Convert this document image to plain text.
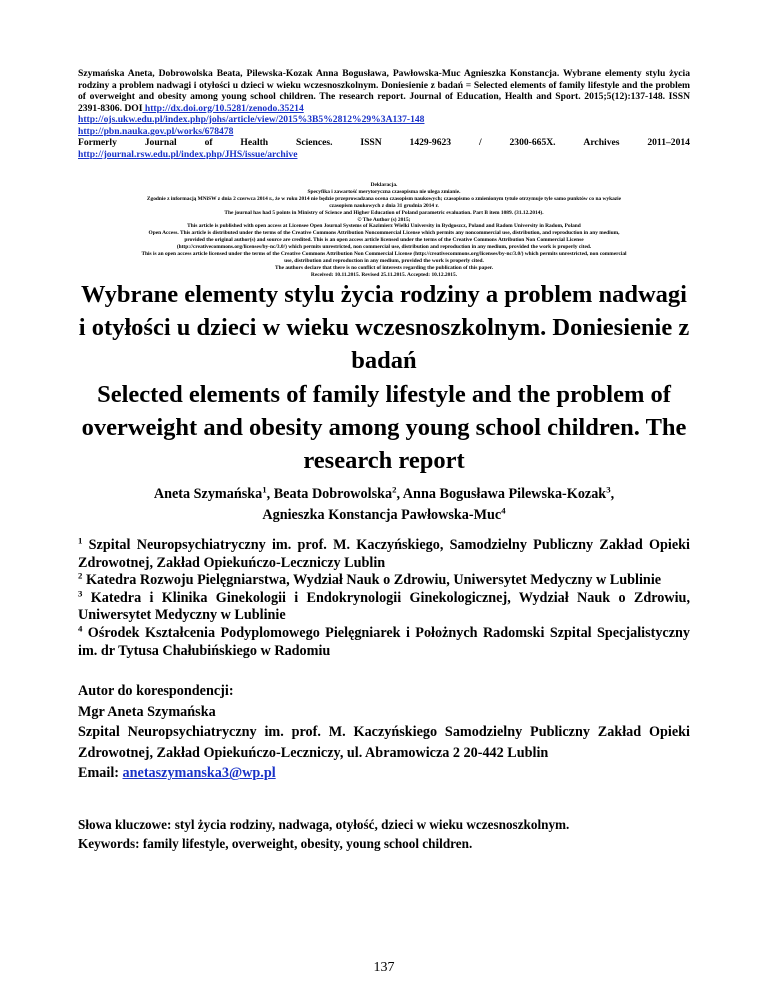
Szymańska Aneta, Dobrowolska Beata, Pilewska-Kozak Anna Bogusława, Pawłowska-Muc Agnieszka Konstancja. Wybrane elementy stylu życia rodziny a problem nadwagi i otyłości u dzieci w wieku wczesnoszkolnym. Doniesienie z badań = Selected elements of family lifestyle and the problem of overweight and obesity among young school children. The research report. Journal of Education, Health and Sport. 2015;5(12):137-148. ISSN 2391-8306. DOI http://dx.doi.org/10.5281/zenodo.35214
http://ojs.ukw.edu.pl/index.php/johs/article/view/2015%3B5%2812%29%3A137-148
http://pbn.nauka.gov.pl/works/678478
Formerly	Journal	of	Health	Sciences.	ISSN	1429-9623	/	2300-665X.	Archives	2011–2014
http://journal.rsw.edu.pl/index.php/JHS/issue/archive
Deklaracja.
Specyfika i zawartość merytoryczna czasopisma nie ulega zmianie.
Zgodnie z informacją MNiSW z dnia 2 czerwca 2014 r., że w roku 2014 nie będzie przeprowadzana ocena czasopism naukowych; czasopismo o zmienionym tytule otrzymuje tyle samo punktów co na wykazie
czasopism naukowych z dnia 31 grudnia 2014 r.
The journal has had 5 points in Ministry of Science and Higher Education of Poland parametric evaluation. Part B item 1089. (31.12.2014).
© The Author (s) 2015;
This article is published with open access at Licensee Open Journal Systems of Kazimierz Wielki University in Bydgoszcz, Poland and Radom University in Radom, Poland
Open Access. This article is distributed under the terms of the Creative Commons Attribution Noncommercial License which permits any noncommercial use, distribution, and reproduction in any medium,
provided the original author(s) and source are credited. This is an open access article licensed under the terms of the Creative Commons Attribution Non Commercial License
(http://creativecommons.org/licenses/by-nc/3.0/) which permits unrestricted, non commercial use, distribution and reproduction in any medium, provided the work is properly cited.
This is an open access article licensed under the terms of the Creative Commons Attribution Non Commercial License (http://creativecommons.org/licenses/by-nc/3.0/) which permits unrestricted, non commercial
use, distribution and reproduction in any medium, provided the work is properly cited.
The authors declare that there is no conflict of interests regarding the publication of this paper.
Received: 10.11.2015. Revised 25.11.2015. Accepted: 10.12.2015.
Wybrane elementy stylu życia rodziny a problem nadwagi
i otyłości u dzieci w wieku wczesnoszkolnym. Doniesienie z
badań
Selected elements of family lifestyle and the problem of
overweight and obesity among young school children. The
research report
Aneta Szymańska$^1$, Beata Dobrowolska$^2$, Anna Bogusława Pilewska-Kozak$^3$,
Agnieszka Konstancja Pawłowska-Muc$^4$

$^1$ Szpital Neuropsychiatryczny im. prof. M. Kaczyńskiego, Samodzielny Publiczny Zakład Opieki Zdrowotnej, Zakład Opiekuńczo-Leczniczy Lublin

$^2$ Katedra Rozwoju Pielęgniarstwa, Wydział Nauk o Zdrowiu, Uniwersytet Medyczny w Lublinie

$^3$ Katedra i Klinika Ginekologii i Endokrynologii Ginekologicznej, Wydział Nauk o Zdrowiu, Uniwersytet Medyczny w Lublinie

$^4$ Ośrodek Kształcenia Podyplomowego Pielęgniarek i Położnych Radomski Szpital Specjalistyczny im. dr Tytusa Chałubińskiego w Radomiu

Autor do korespondencji:

Mgr Aneta Szymańska

Szpital Neuropsychiatryczny im. prof. M. Kaczyńskiego Samodzielny Publiczny Zakład Opieki Zdrowotnej, Zakład Opiekuńczo-Leczniczy, ul. Abramowicza 2 20-442 Lublin

Email: anetaszymanska3@wp.pl

Słowa kluczowe: styl życia rodziny, nadwaga, otyłość, dzieci w wieku wczesnoszkolnym.

Keywords: family lifestyle, overweight, obesity, young school children.

137
